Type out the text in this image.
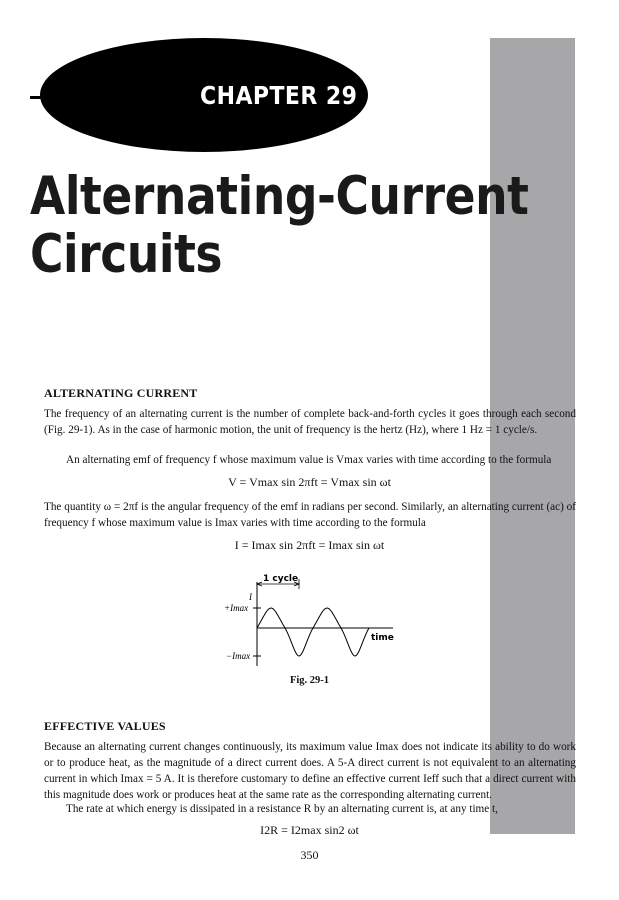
CHAPTER 29
Alternating-Current
Circuits
ALTERNATING CURRENT

The frequency of an alternating current is the number of complete back-and-forth cycles it goes through each second (Fig. 29-1). As in the case of harmonic motion, the unit of frequency is the hertz (Hz), where 1 Hz = 1 cycle/s.

An alternating emf of frequency f whose maximum value is Vmax varies with time according to the formula

V = Vmax sin 2πft = Vmax sin ωt

The quantity ω = 2πf is the angular frequency of the emf in radians per second. Similarly, an alternating current (ac) of frequency f whose maximum value is Imax varies with time according to the formula

I = Imax sin 2πft = Imax sin ωt

1 cycle
I
+Imax
−Imax
time
Fig. 29-1
EFFECTIVE VALUES

Because an alternating current changes continuously, its maximum value Imax does not indicate its ability to do work or to produce heat, as the magnitude of a direct current does. A 5-A direct current is not equivalent to an alternating current in which Imax = 5 A. It is therefore customary to define an effective current Ieff such that a direct current with this magnitude does work or produces heat at the same rate as the corresponding alternating current.

The rate at which energy is dissipated in a resistance R by an alternating current is, at any time t,

I2R = I2max sin2 ωt

350
